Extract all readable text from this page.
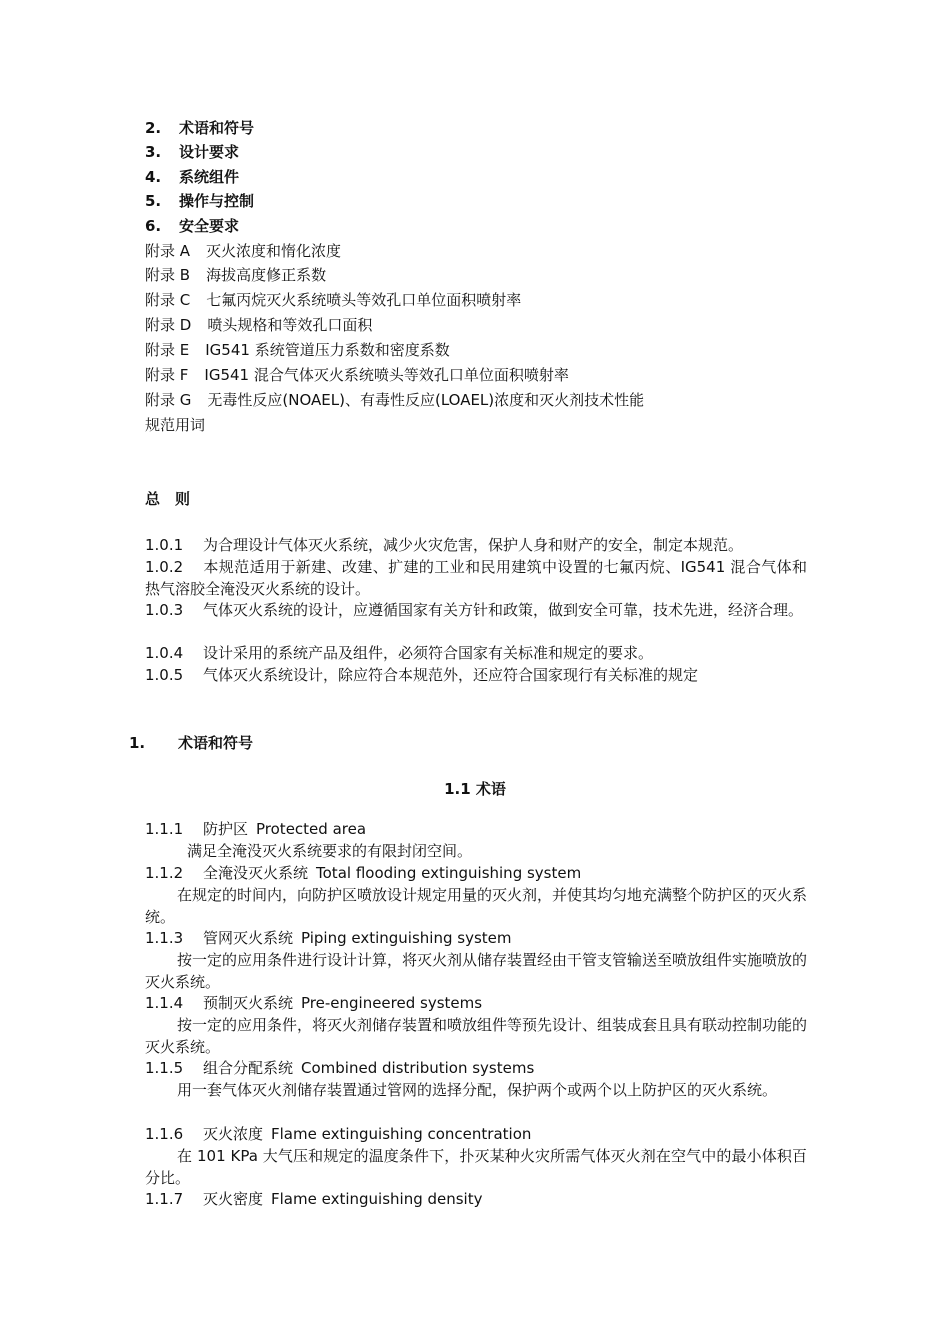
2. 术语和符号
3. 设计要求
4. 系统组件
5. 操作与控制
6. 安全要求
附录 A 灭火浓度和惰化浓度
附录 B 海拔高度修正系数
附录 C 七氟丙烷灭火系统喷头等效孔口单位面积喷射率
附录 D 喷头规格和等效孔口面积
附录 E IG541 系统管道压力系数和密度系数
附录 F IG541 混合气体灭火系统喷头等效孔口单位面积喷射率
附录 G 无毒性反应(NOAEL)、有毒性反应(LOAEL)浓度和灭火剂技术性能
规范用词
总　则
1.0.1 为合理设计气体灭火系统，减少火灾危害，保护人身和财产的安全，制定本规范。
1.0.2 本规范适用于新建、改建、扩建的工业和民用建筑中设置的七氟丙烷、IG541 混合气体和热气溶胶全淹没灭火系统的设计。
1.0.3 气体灭火系统的设计，应遵循国家有关方针和政策，做到安全可靠，技术先进，经济合理。
1.0.4 设计采用的系统产品及组件，必须符合国家有关标准和规定的要求。
1.0.5 气体灭火系统设计，除应符合本规范外，还应符合国家现行有关标准的规定
1. 术语和符号
1.1 术语
1.1.1 防护区 Protected area
满足全淹没灭火系统要求的有限封闭空间。
1.1.2 全淹没灭火系统 Total flooding extinguishing system
在规定的时间内，向防护区喷放设计规定用量的灭火剂，并使其均匀地充满整个防护区的灭火系统。
1.1.3 管网灭火系统 Piping extinguishing system
按一定的应用条件进行设计计算，将灭火剂从储存装置经由干管支管输送至喷放组件实施喷放的灭火系统。
1.1.4 预制灭火系统 Pre-engineered systems
按一定的应用条件，将灭火剂储存装置和喷放组件等预先设计、组装成套且具有联动控制功能的灭火系统。
1.1.5 组合分配系统 Combined distribution systems
用一套气体灭火剂储存装置通过管网的选择分配，保护两个或两个以上防护区的灭火系统。
1.1.6 灭火浓度 Flame extinguishing concentration
在 101 KPa 大气压和规定的温度条件下，扑灭某种火灾所需气体灭火剂在空气中的最小体积百分比。
1.1.7 灭火密度 Flame extinguishing density
